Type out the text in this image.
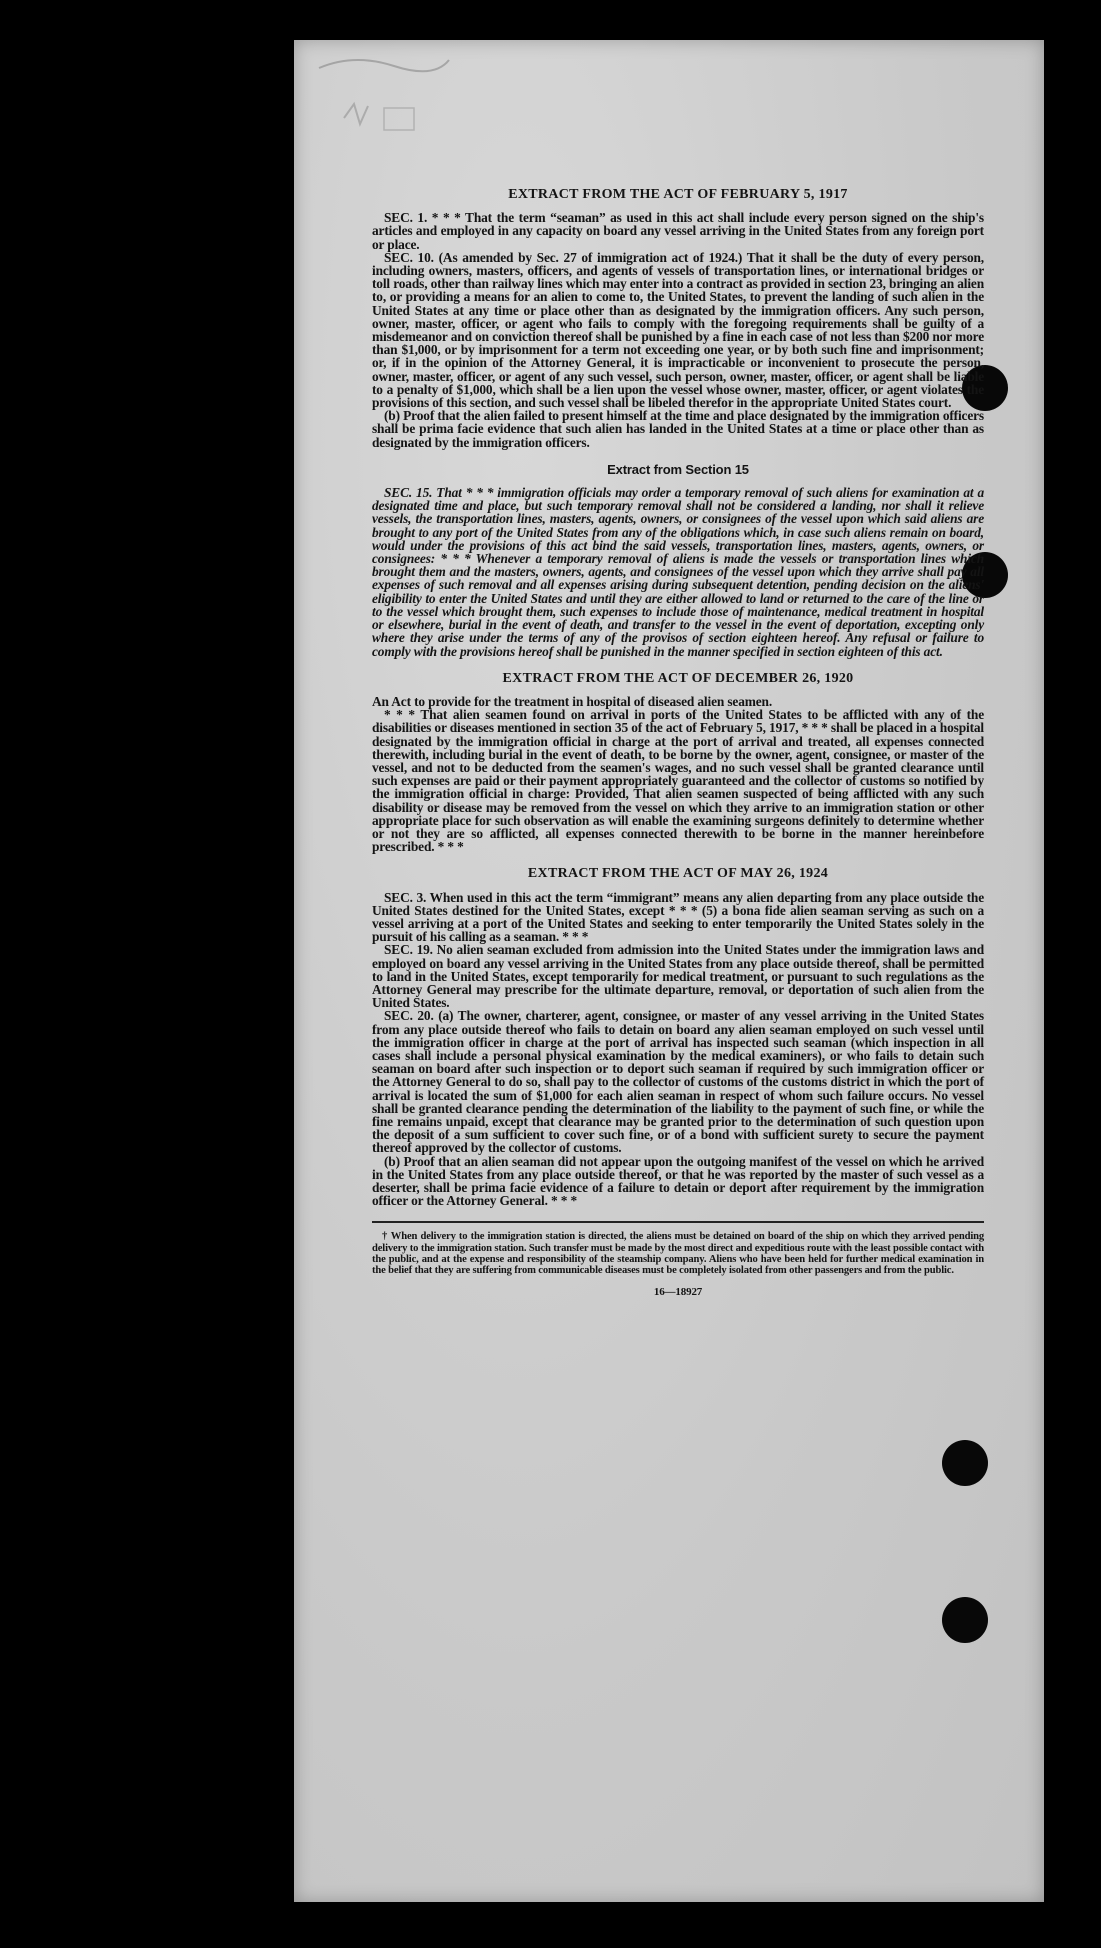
EXTRACT FROM THE ACT OF FEBRUARY 5, 1917

SEC. 1. * * * That the term “seaman” as used in this act shall include every person signed on the ship's articles and employed in any capacity on board any vessel arriving in the United States from any foreign port or place.

SEC. 10. (As amended by Sec. 27 of immigration act of 1924.) That it shall be the duty of every person, including owners, masters, officers, and agents of vessels of transportation lines, or international bridges or toll roads, other than railway lines which may enter into a contract as provided in section 23, bringing an alien to, or providing a means for an alien to come to, the United States, to prevent the landing of such alien in the United States at any time or place other than as designated by the immigration officers. Any such person, owner, master, officer, or agent who fails to comply with the foregoing requirements shall be guilty of a misdemeanor and on conviction thereof shall be punished by a fine in each case of not less than $200 nor more than $1,000, or by imprisonment for a term not exceeding one year, or by both such fine and imprisonment; or, if in the opinion of the Attorney General, it is impracticable or inconvenient to prosecute the person, owner, master, officer, or agent of any such vessel, such person, owner, master, officer, or agent shall be liable to a penalty of $1,000, which shall be a lien upon the vessel whose owner, master, officer, or agent violates the provisions of this section, and such vessel shall be libeled therefor in the appropriate United States court.

(b) Proof that the alien failed to present himself at the time and place designated by the immigration officers shall be prima facie evidence that such alien has landed in the United States at a time or place other than as designated by the immigration officers.

Extract from Section 15

SEC. 15. That * * * immigration officials may order a temporary removal of such aliens for examination at a designated time and place, but such temporary removal shall not be considered a landing, nor shall it relieve vessels, the transportation lines, masters, agents, owners, or consignees of the vessel upon which said aliens are brought to any port of the United States from any of the obligations which, in case such aliens remain on board, would under the provisions of this act bind the said vessels, transportation lines, masters, agents, owners, or consignees: * * * Whenever a temporary removal of aliens is made the vessels or transportation lines which brought them and the masters, owners, agents, and consignees of the vessel upon which they arrive shall pay all expenses of such removal and all expenses arising during subsequent detention, pending decision on the aliens' eligibility to enter the United States and until they are either allowed to land or returned to the care of the line or to the vessel which brought them, such expenses to include those of maintenance, medical treatment in hospital or elsewhere, burial in the event of death, and transfer to the vessel in the event of deportation, excepting only where they arise under the terms of any of the provisos of section eighteen hereof. Any refusal or failure to comply with the provisions hereof shall be punished in the manner specified in section eighteen of this act.

EXTRACT FROM THE ACT OF DECEMBER 26, 1920

An Act to provide for the treatment in hospital of diseased alien seamen.

* * * That alien seamen found on arrival in ports of the United States to be afflicted with any of the disabilities or diseases mentioned in section 35 of the act of February 5, 1917, * * * shall be placed in a hospital designated by the immigration official in charge at the port of arrival and treated, all expenses connected therewith, including burial in the event of death, to be borne by the owner, agent, consignee, or master of the vessel, and not to be deducted from the seamen's wages, and no such vessel shall be granted clearance until such expenses are paid or their payment appropriately guaranteed and the collector of customs so notified by the immigration official in charge: Provided, That alien seamen suspected of being afflicted with any such disability or disease may be removed from the vessel on which they arrive to an immigration station or other appropriate place for such observation as will enable the examining surgeons definitely to determine whether or not they are so afflicted, all expenses connected therewith to be borne in the manner hereinbefore prescribed. * * *

EXTRACT FROM THE ACT OF MAY 26, 1924

SEC. 3. When used in this act the term “immigrant” means any alien departing from any place outside the United States destined for the United States, except * * * (5) a bona fide alien seaman serving as such on a vessel arriving at a port of the United States and seeking to enter temporarily the United States solely in the pursuit of his calling as a seaman. * * *

SEC. 19. No alien seaman excluded from admission into the United States under the immigration laws and employed on board any vessel arriving in the United States from any place outside thereof, shall be permitted to land in the United States, except temporarily for medical treatment, or pursuant to such regulations as the Attorney General may prescribe for the ultimate departure, removal, or deportation of such alien from the United States.

SEC. 20. (a) The owner, charterer, agent, consignee, or master of any vessel arriving in the United States from any place outside thereof who fails to detain on board any alien seaman employed on such vessel until the immigration officer in charge at the port of arrival has inspected such seaman (which inspection in all cases shall include a personal physical examination by the medical examiners), or who fails to detain such seaman on board after such inspection or to deport such seaman if required by such immigration officer or the Attorney General to do so, shall pay to the collector of customs of the customs district in which the port of arrival is located the sum of $1,000 for each alien seaman in respect of whom such failure occurs. No vessel shall be granted clearance pending the determination of the liability to the payment of such fine, or while the fine remains unpaid, except that clearance may be granted prior to the determination of such question upon the deposit of a sum sufficient to cover such fine, or of a bond with sufficient surety to secure the payment thereof approved by the collector of customs.

(b) Proof that an alien seaman did not appear upon the outgoing manifest of the vessel on which he arrived in the United States from any place outside thereof, or that he was reported by the master of such vessel as a deserter, shall be prima facie evidence of a failure to detain or deport after requirement by the immigration officer or the Attorney General. * * *

† When delivery to the immigration station is directed, the aliens must be detained on board of the ship on which they arrived pending delivery to the immigration station. Such transfer must be made by the most direct and expeditious route with the least possible contact with the public, and at the expense and responsibility of the steamship company. Aliens who have been held for further medical examination in the belief that they are suffering from communicable diseases must be completely isolated from other passengers and from the public.

16—18927
